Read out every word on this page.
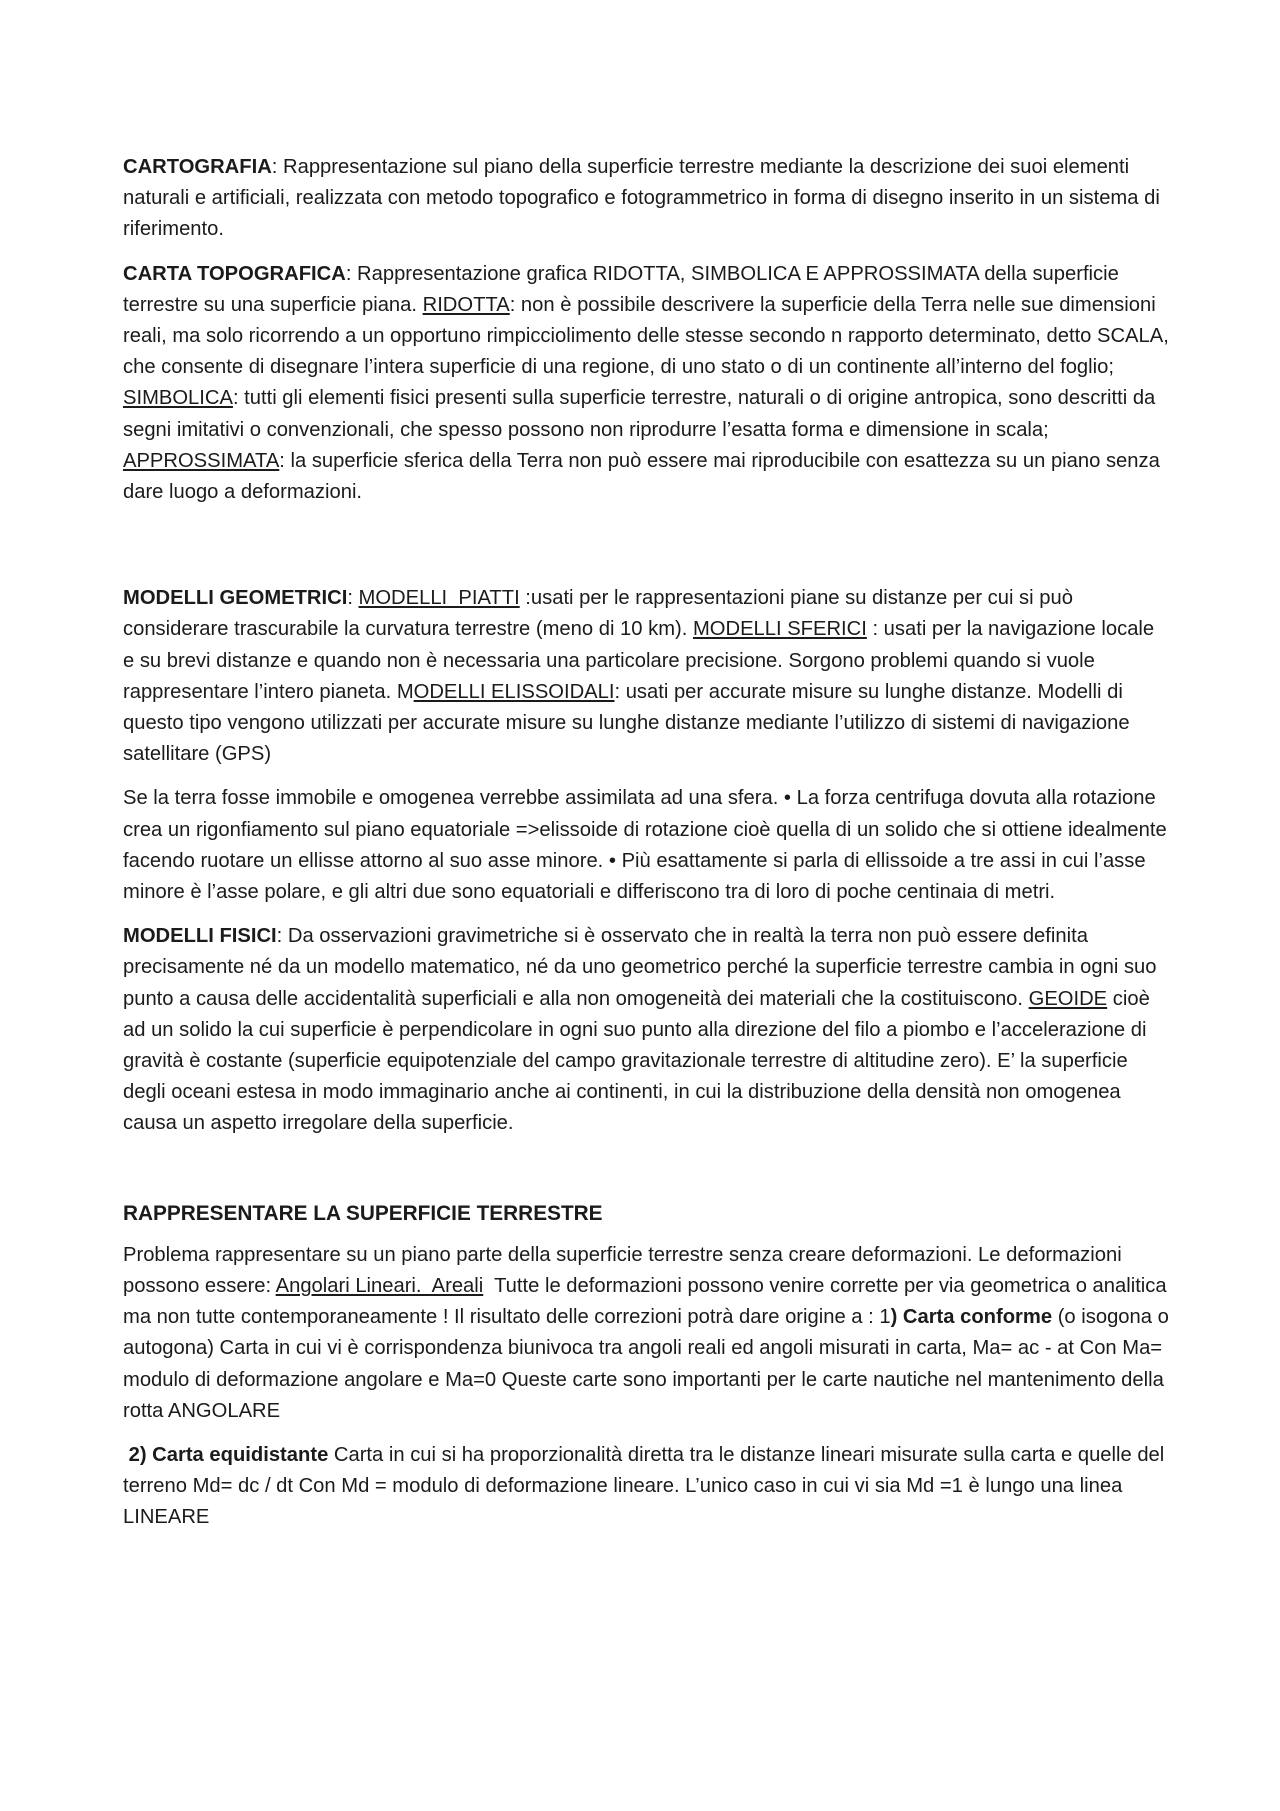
CARTOGRAFIA: Rappresentazione sul piano della superficie terrestre mediante la descrizione dei suoi elementi naturali e artificiali, realizzata con metodo topografico e fotogrammetrico in forma di disegno inserito in un sistema di riferimento.

CARTA TOPOGRAFICA: Rappresentazione grafica RIDOTTA, SIMBOLICA E APPROSSIMATA della superficie terrestre su una superficie piana. RIDOTTA: non è possibile descrivere la superficie della Terra nelle sue dimensioni reali, ma solo ricorrendo a un opportuno rimpicciolimento delle stesse secondo n rapporto determinato, detto SCALA, che consente di disegnare l’intera superficie di una regione, di uno stato o di un continente all’interno del foglio; SIMBOLICA: tutti gli elementi fisici presenti sulla superficie terrestre, naturali o di origine antropica, sono descritti da segni imitativi o convenzionali, che spesso possono non riprodurre l’esatta forma e dimensione in scala; APPROSSIMATA: la superficie sferica della Terra non può essere mai riproducibile con esattezza su un piano senza dare luogo a deformazioni.

MODELLI GEOMETRICI: MODELLI  PIATTI :usati per le rappresentazioni piane su distanze per cui si può considerare trascurabile la curvatura terrestre (meno di 10 km). MODELLI SFERICI : usati per la navigazione locale e su brevi distanze e quando non è necessaria una particolare precisione. Sorgono problemi quando si vuole rappresentare l’intero pianeta. MODELLI ELISSOIDALI: usati per accurate misure su lunghe distanze. Modelli di questo tipo vengono utilizzati per accurate misure su lunghe distanze mediante l’utilizzo di sistemi di navigazione satellitare (GPS)

Se la terra fosse immobile e omogenea verrebbe assimilata ad una sfera. • La forza centrifuga dovuta alla rotazione crea un rigonfiamento sul piano equatoriale =>elissoide di rotazione cioè quella di un solido che si ottiene idealmente facendo ruotare un ellisse attorno al suo asse minore. • Più esattamente si parla di ellissoide a tre assi in cui l’asse minore è l’asse polare, e gli altri due sono equatoriali e differiscono tra di loro di poche centinaia di metri.

MODELLI FISICI: Da osservazioni gravimetriche si è osservato che in realtà la terra non può essere definita precisamente né da un modello matematico, né da uno geometrico perché la superficie terrestre cambia in ogni suo punto a causa delle accidentalità superficiali e alla non omogeneità dei materiali che la costituiscono. GEOIDE cioè ad un solido la cui superficie è perpendicolare in ogni suo punto alla direzione del filo a piombo e l’accelerazione di gravità è costante (superficie equipotenziale del campo gravitazionale terrestre di altitudine zero). E’ la superficie degli oceani estesa in modo immaginario anche ai continenti, in cui la distribuzione della densità non omogenea causa un aspetto irregolare della superficie.

RAPPRESENTARE LA SUPERFICIE TERRESTRE

Problema rappresentare su un piano parte della superficie terrestre senza creare deformazioni. Le deformazioni possono essere: Angolari Lineari.  Areali  Tutte le deformazioni possono venire corrette per via geometrica o analitica ma non tutte contemporaneamente ! Il risultato delle correzioni potrà dare origine a : 1) Carta conforme (o isogona o autogona) Carta in cui vi è corrispondenza biunivoca tra angoli reali ed angoli misurati in carta, Ma= ac - at Con Ma= modulo di deformazione angolare e Ma=0 Queste carte sono importanti per le carte nautiche nel mantenimento della rotta ANGOLARE

2) Carta equidistante Carta in cui si ha proporzionalità diretta tra le distanze lineari misurate sulla carta e quelle del terreno Md= dc / dt Con Md = modulo di deformazione lineare. L’unico caso in cui vi sia Md =1 è lungo una linea LINEARE
